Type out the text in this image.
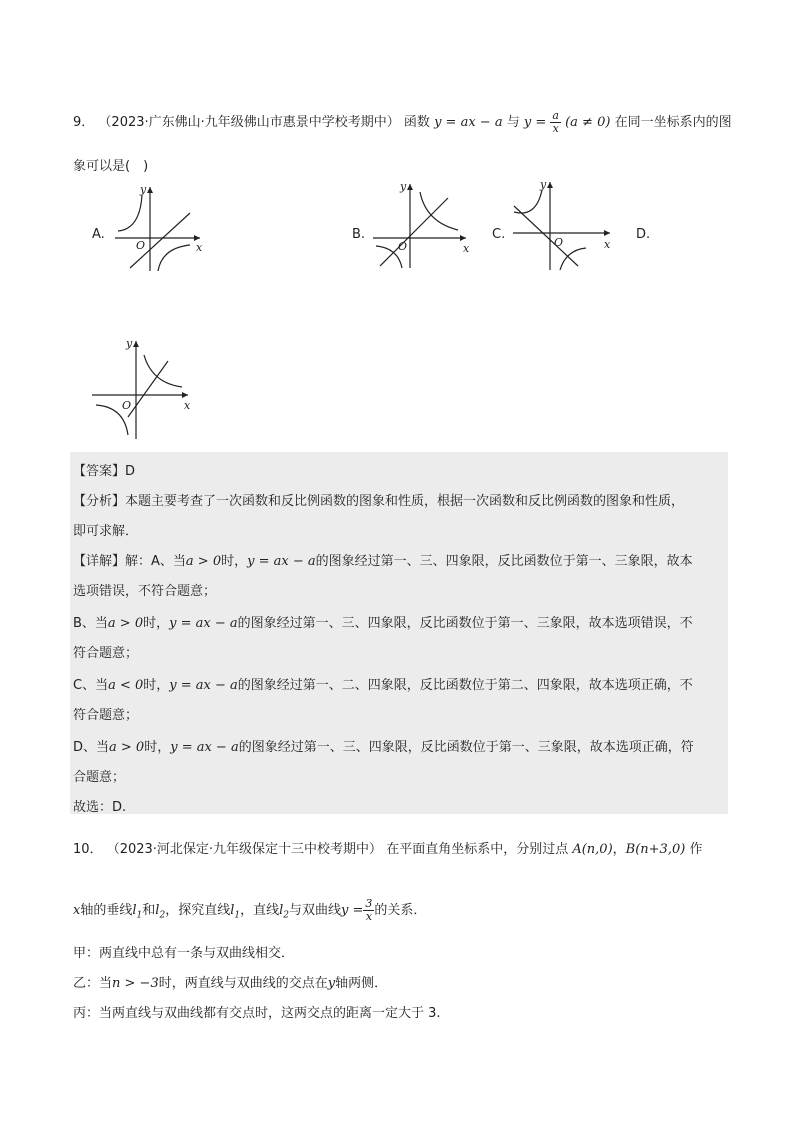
9． （2023·广东佛山·九年级佛山市惠景中学校考期中） 函数 y = ax − a 与 $y = \frac{a}{x} (a \ne 0)$ 在同一坐标系内的图
象可以是(　)
A.	B.	C.	D.
x
y
O	x
y
O	x
y
O
x
y
O
【答案】D
【分析】本题主要考查了一次函数和反比例函数的图象和性质，根据一次函数和反比例函数的图象和性质，
即可求解．
【详解】解：A、当a > 0时，y = ax − a的图象经过第一、三、四象限，反比函数位于第一、三象限，故本
选项错误，不符合题意；
B、当a > 0时，y = ax − a的图象经过第一、三、四象限，反比函数位于第一、三象限，故本选项错误，不
符合题意；
C、当a < 0时，y = ax − a的图象经过第一、二、四象限，反比函数位于第二、四象限，故本选项正确，不
符合题意；
D、当a > 0时，y = ax − a的图象经过第一、三、四象限，反比函数位于第一、三象限，故本选项正确，符
合题意；
故选：D.
10． （2023·河北保定·九年级保定十三中校考期中） 在平面直角坐标系中，分别过点 A(n,0)，B(n+3,0) 作
x轴的垂线$l_1$和$l_2$，探究直线$l_1$，直线$l_2$与双曲线$y = \frac{3}{x}$ 的关系．
甲：两直线中总有一条与双曲线相交．
乙：当n > −3时，两直线与双曲线的交点在y轴两侧．
丙：当两直线与双曲线都有交点时，这两交点的距离一定大于 3.
